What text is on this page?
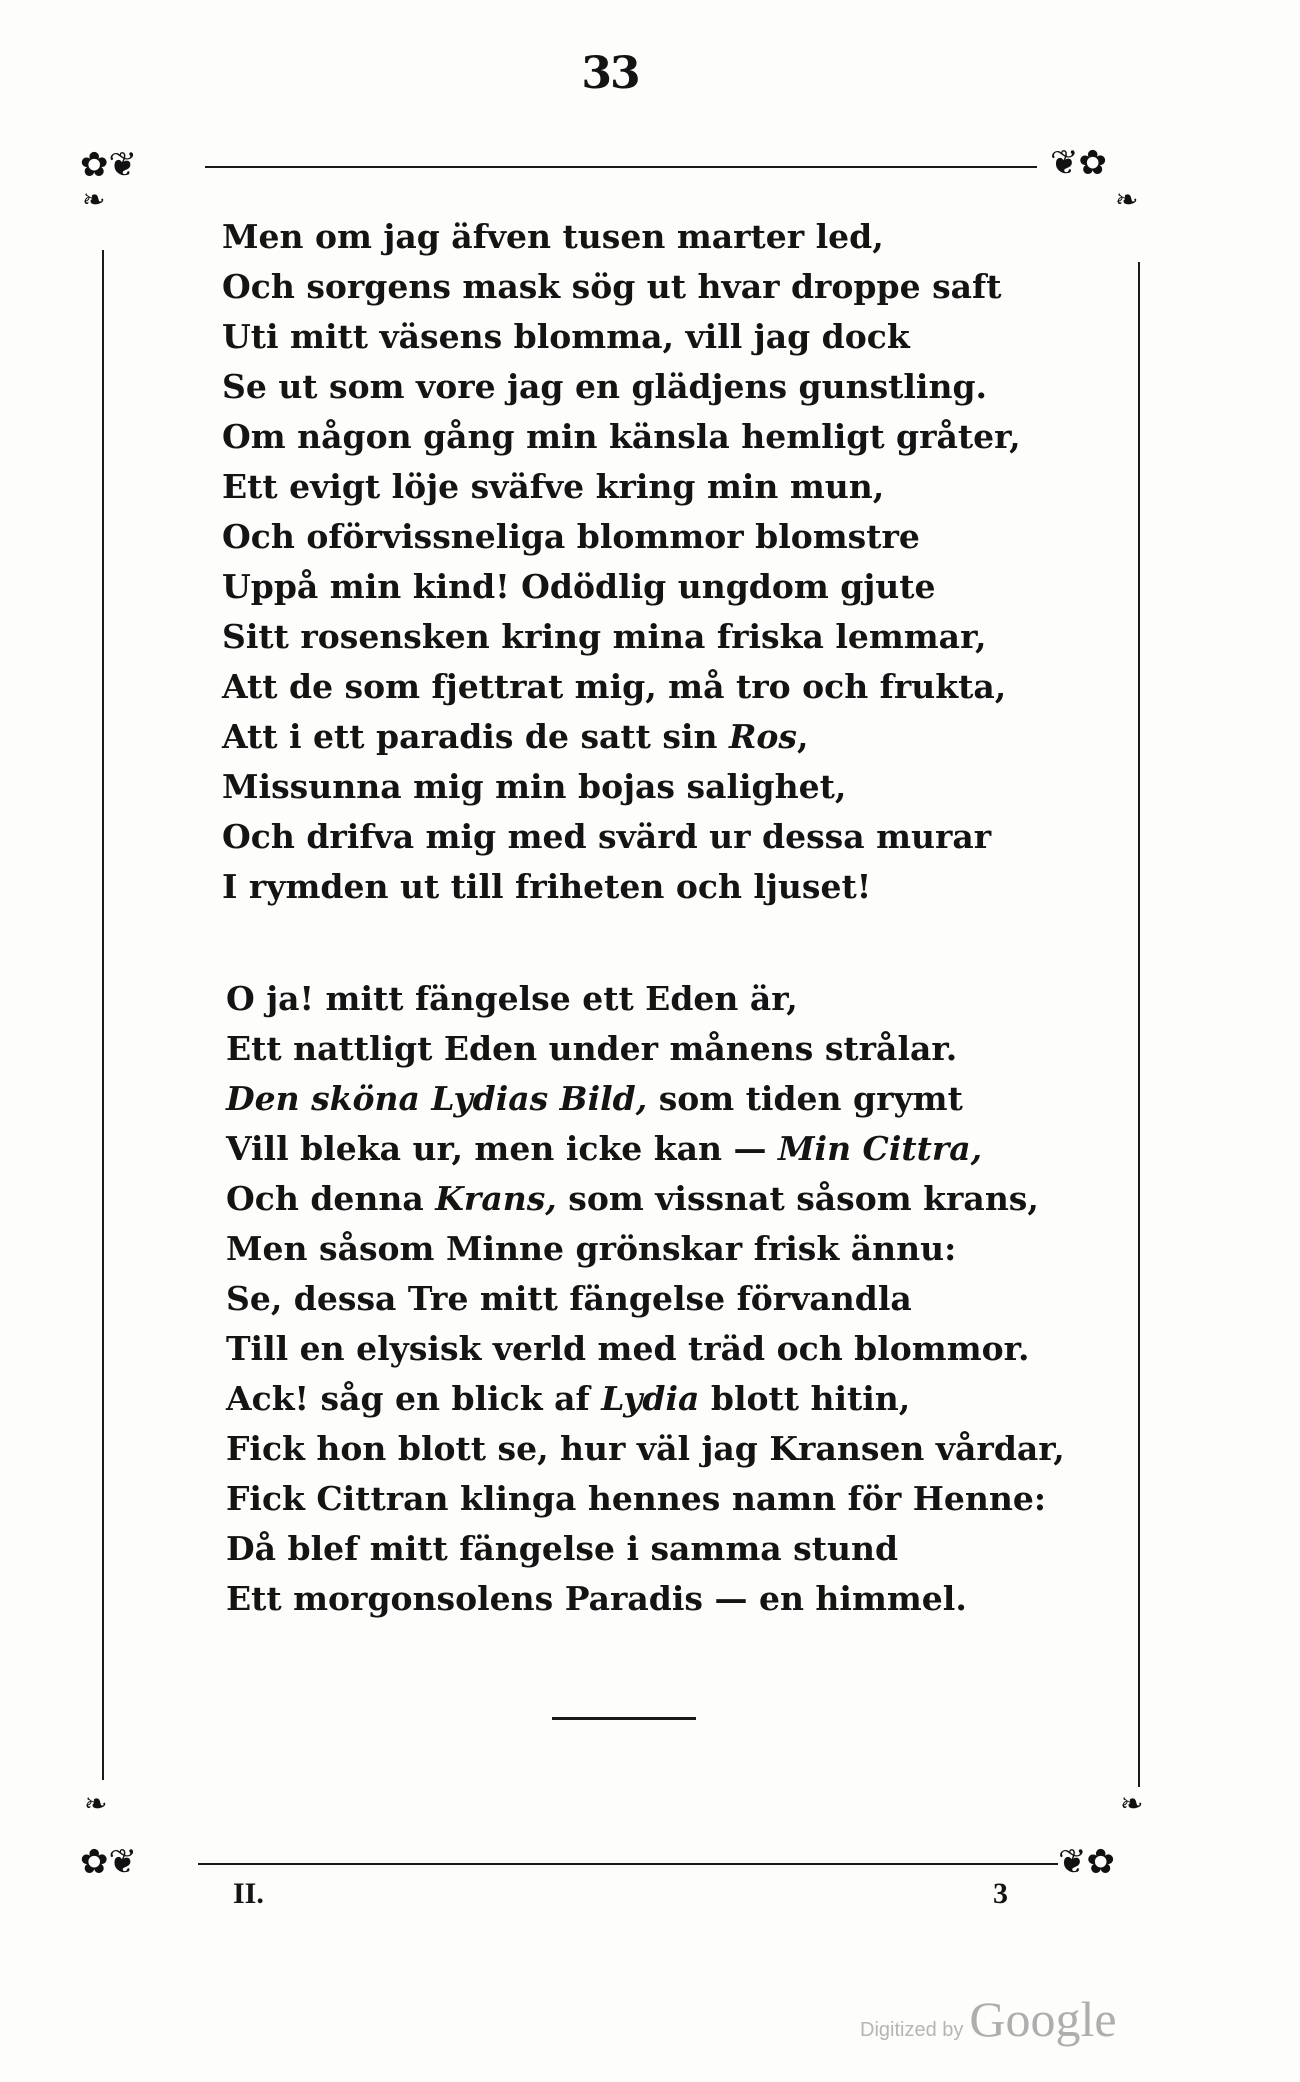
33
✿❦
❧
❦✿
❧
❧
✿❦
❧
❦✿

Men om jag äfven tusen marter led,

Och sorgens mask sög ut hvar droppe saft

Uti mitt väsens blomma, vill jag dock

Se ut som vore jag en glädjens gunstling.

Om någon gång min känsla hemligt gråter,

Ett evigt löje sväfve kring min mun,

Och oförvissneliga blommor blomstre

Uppå min kind! Odödlig ungdom gjute

Sitt rosensken kring mina friska lemmar,

Att de som fjettrat mig, må tro och frukta,

Att i ett paradis de satt sin Ros,

Missunna mig min bojas salighet,

Och drifva mig med svärd ur dessa murar

I rymden ut till friheten och ljuset!

O ja! mitt fängelse ett Eden är,

Ett nattligt Eden under månens strålar.

Den sköna Lydias Bild, som tiden grymt

Vill bleka ur, men icke kan — Min Cittra,

Och denna Krans, som vissnat såsom krans,

Men såsom Minne grönskar frisk ännu:

Se, dessa Tre mitt fängelse förvandla

Till en elysisk verld med träd och blommor.

Ack! såg en blick af Lydia blott hitin,

Fick hon blott se, hur väl jag Kransen vårdar,

Fick Cittran klinga hennes namn för Henne:

Då blef mitt fängelse i samma stund

Ett morgonsolens Paradis — en himmel.

II.	3
Digitized by Google
